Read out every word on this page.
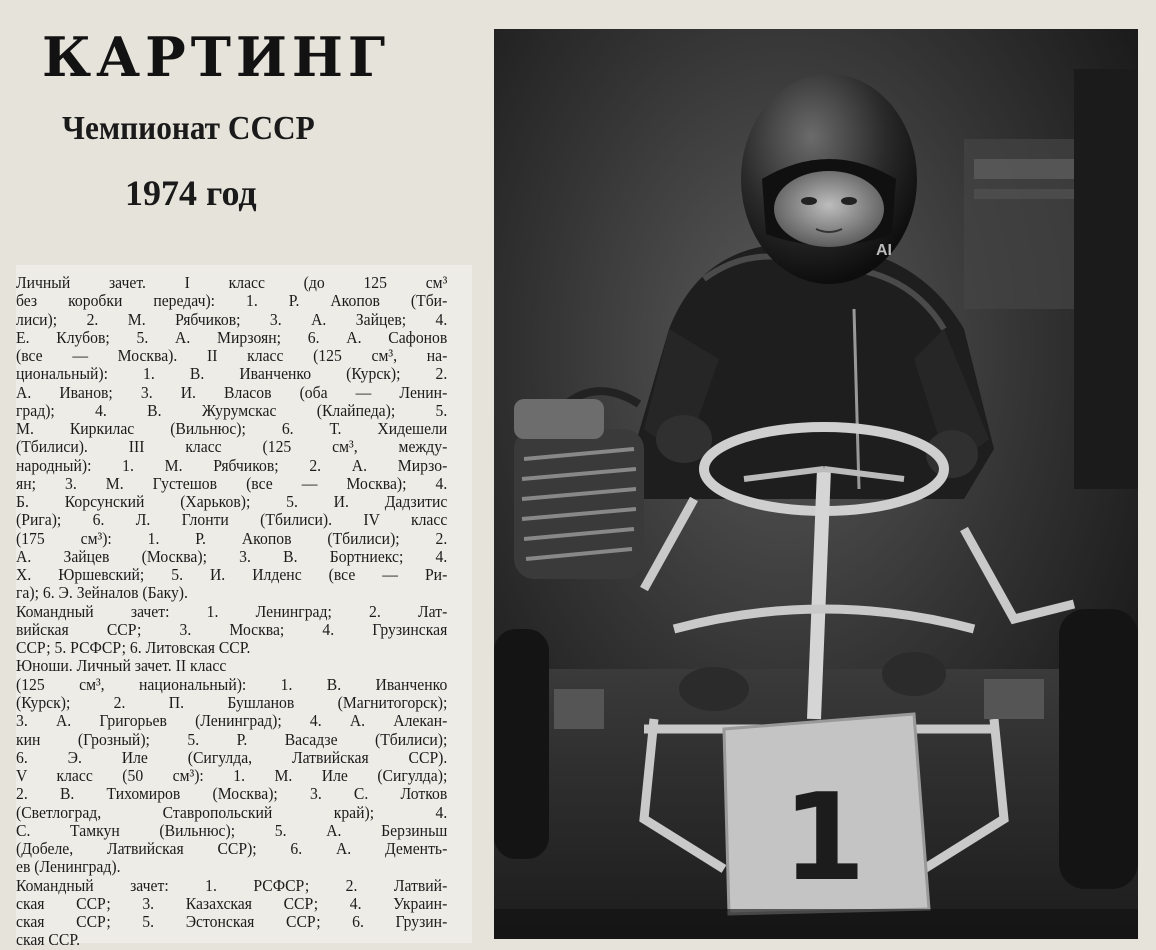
КАРТИНГ
Чемпионат СССР
1974 год
Личный зачет. I класс (до 125 см³
без коробки передач): 1. Р. Акопов (Тби-
лиси); 2. М. Рябчиков; 3. А. Зайцев; 4.
Е. Клубов; 5. А. Мирзоян; 6. А. Сафонов
(все — Москва). II класс (125 см³, на-
циональный): 1. В. Иванченко (Курск); 2.
А. Иванов; 3. И. Власов (оба — Ленин-
град); 4. В. Журумскас (Клайпеда); 5.
М. Киркилас (Вильнюс); 6. Т. Хидешели
(Тбилиси). III класс (125 см³, между-
народный): 1. М. Рябчиков; 2. А. Мирзо-
ян; 3. М. Густешов (все — Москва); 4.
Б. Корсунский (Харьков); 5. И. Дадзитис
(Рига); 6. Л. Глонти (Тбилиси). IV класс
(175 см³): 1. Р. Акопов (Тбилиси); 2.
А. Зайцев (Москва); 3. В. Бортниекс; 4.
Х. Юршевский; 5. И. Илденс (все — Ри-
га); 6. Э. Зейналов (Баку).
Командный зачет: 1. Ленинград; 2. Лат-
вийская ССР; 3. Москва; 4. Грузинская
ССР; 5. РСФСР; 6. Литовская ССР.
Юноши. Личный зачет. II класс
(125 см³, национальный): 1. В. Иванченко
(Курск); 2. П. Бушланов (Магнитогорск);
3. А. Григорьев (Ленинград); 4. А. Алекан-
кин (Грозный); 5. Р. Васадзе (Тбилиси);
6. Э. Иле (Сигулда, Латвийская ССР).
V класс (50 см³): 1. М. Иле (Сигулда);
2. В. Тихомиров (Москва); 3. С. Лотков
(Светлоград, Ставропольский край); 4.
С. Тамкун (Вильнюс); 5. А. Берзиньш
(Добеле, Латвийская ССР); 6. А. Дементь-
ев (Ленинград).
Командный зачет: 1. РСФСР; 2. Латвий-
ская ССР; 3. Казахская ССР; 4. Украин-
ская ССР; 5. Эстонская ССР; 6. Грузин-
ская ССР.
AI
1
